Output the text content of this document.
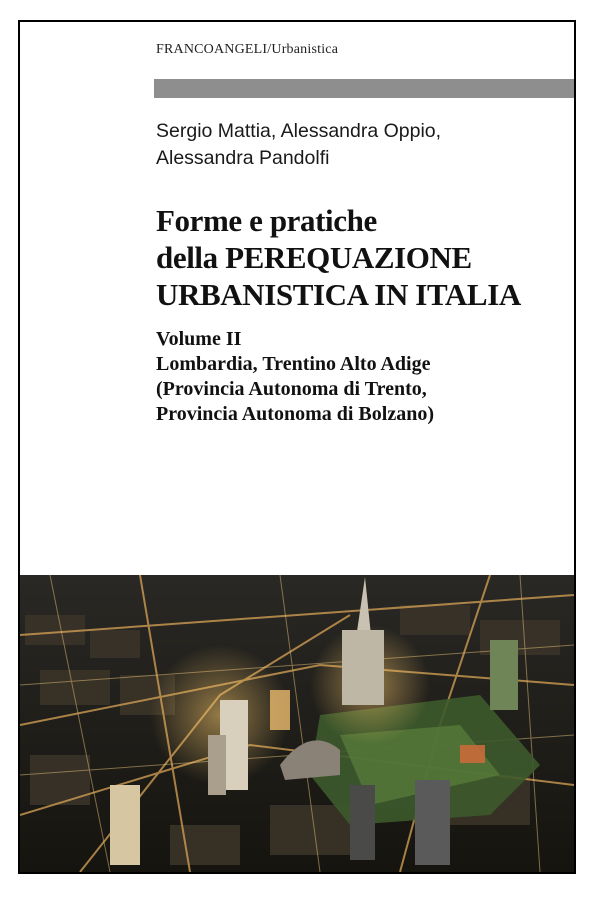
FRANCOANGELI/Urbanistica
Sergio Mattia, Alessandra Oppio,
Alessandra Pandolfi
Forme e pratiche
della PEREQUAZIONE
URBANISTICA IN ITALIA
Volume II
Lombardia, Trentino Alto Adige
(Provincia Autonoma di Trento,
Provincia Autonoma di Bolzano)
